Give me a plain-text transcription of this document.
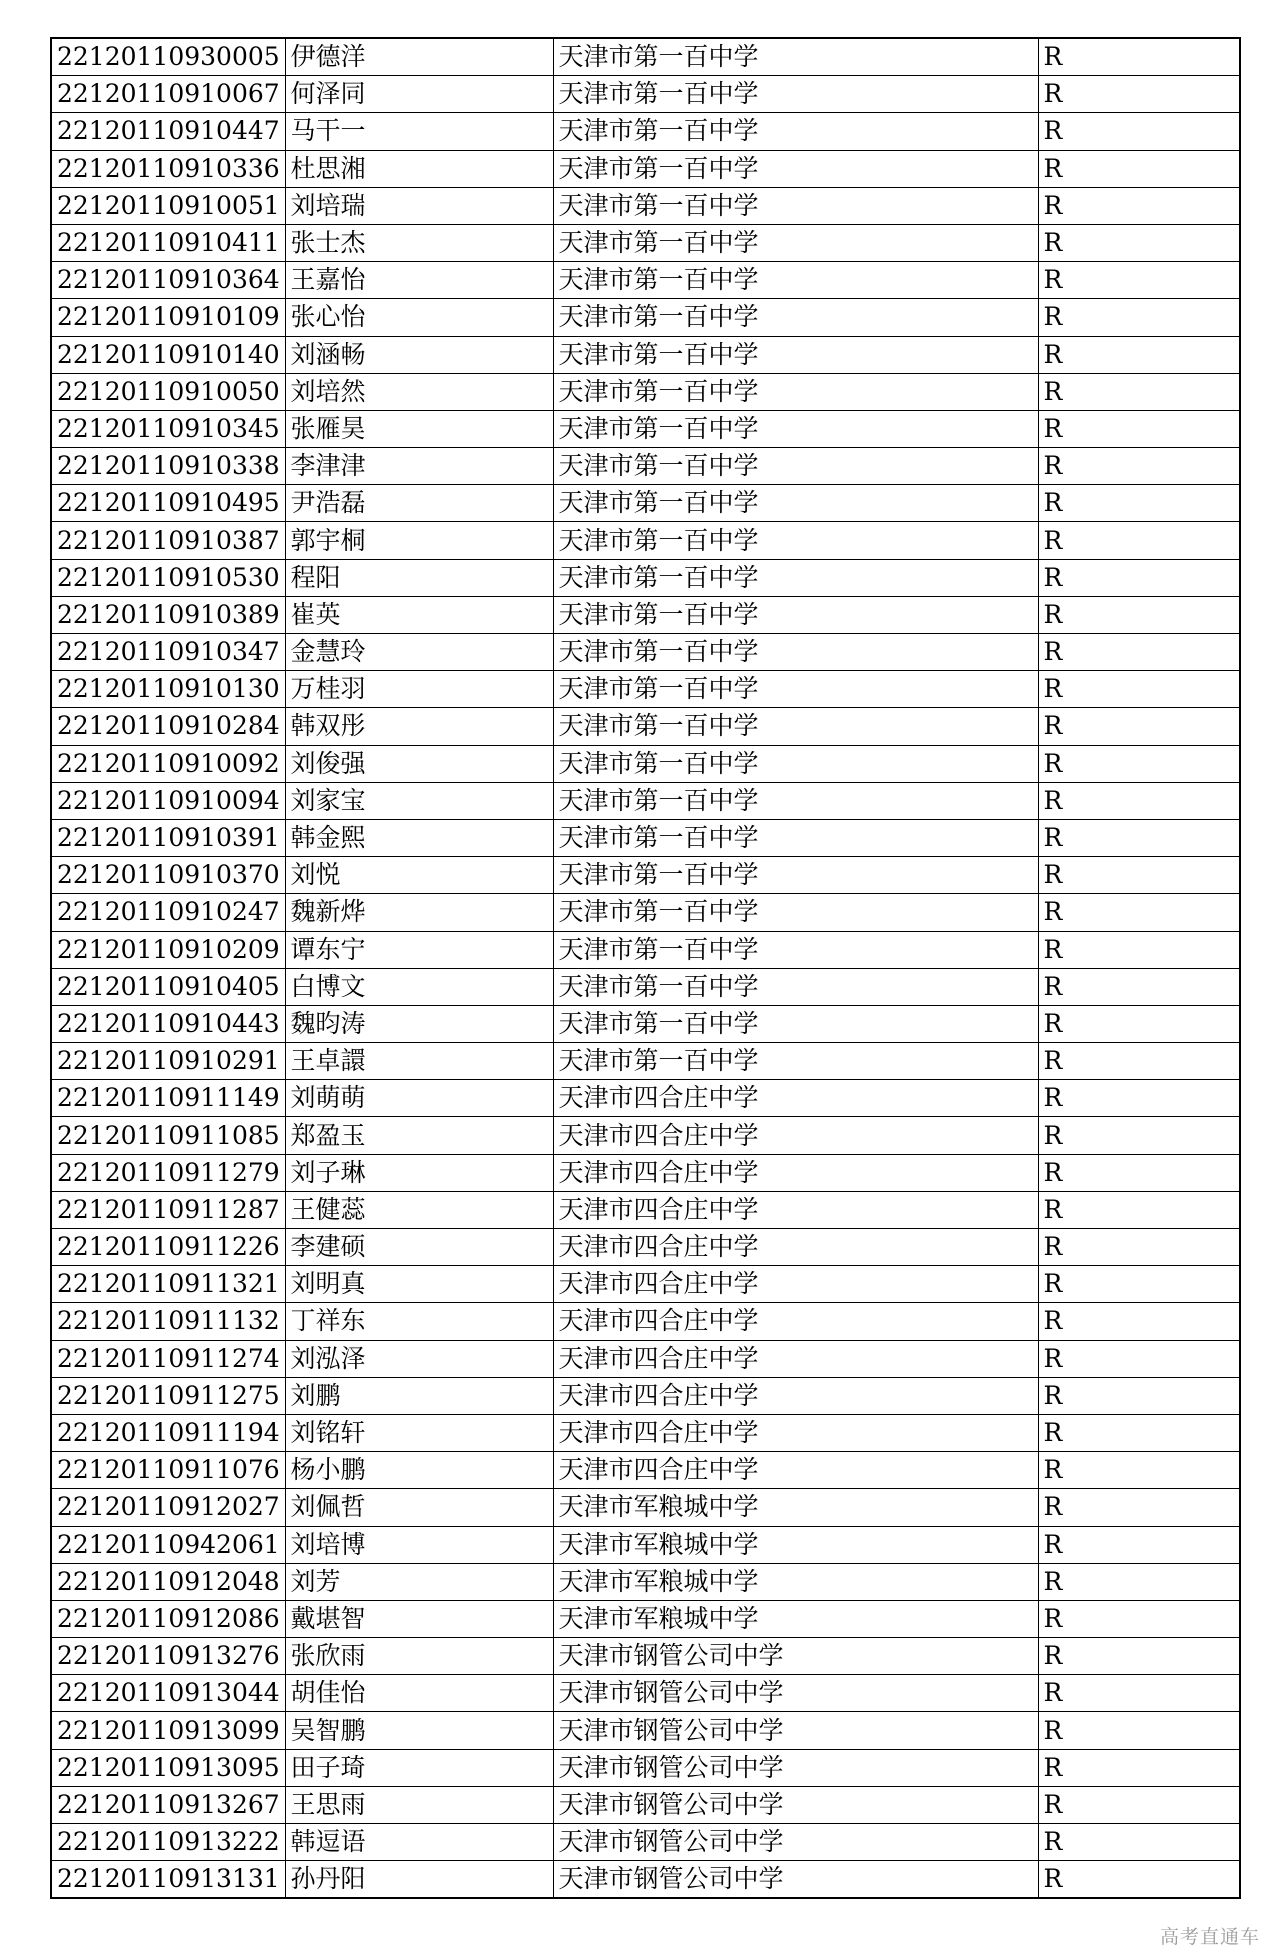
22120110930005	伊德洋	天津市第一百中学	R
22120110910067	何泽同	天津市第一百中学	R
22120110910447	马干一	天津市第一百中学	R
22120110910336	杜思湘	天津市第一百中学	R
22120110910051	刘培瑞	天津市第一百中学	R
22120110910411	张士杰	天津市第一百中学	R
22120110910364	王嘉怡	天津市第一百中学	R
22120110910109	张心怡	天津市第一百中学	R
22120110910140	刘涵畅	天津市第一百中学	R
22120110910050	刘培然	天津市第一百中学	R
22120110910345	张雁昊	天津市第一百中学	R
22120110910338	李津津	天津市第一百中学	R
22120110910495	尹浩磊	天津市第一百中学	R
22120110910387	郭宇桐	天津市第一百中学	R
22120110910530	程阳	天津市第一百中学	R
22120110910389	崔英	天津市第一百中学	R
22120110910347	金慧玲	天津市第一百中学	R
22120110910130	万桂羽	天津市第一百中学	R
22120110910284	韩双彤	天津市第一百中学	R
22120110910092	刘俊强	天津市第一百中学	R
22120110910094	刘家宝	天津市第一百中学	R
22120110910391	韩金熙	天津市第一百中学	R
22120110910370	刘悦	天津市第一百中学	R
22120110910247	魏新烨	天津市第一百中学	R
22120110910209	谭东宁	天津市第一百中学	R
22120110910405	白博文	天津市第一百中学	R
22120110910443	魏昀涛	天津市第一百中学	R
22120110910291	王卓譞	天津市第一百中学	R
22120110911149	刘萌萌	天津市四合庄中学	R
22120110911085	郑盈玉	天津市四合庄中学	R
22120110911279	刘子琳	天津市四合庄中学	R
22120110911287	王健蕊	天津市四合庄中学	R
22120110911226	李建硕	天津市四合庄中学	R
22120110911321	刘明真	天津市四合庄中学	R
22120110911132	丁祥东	天津市四合庄中学	R
22120110911274	刘泓泽	天津市四合庄中学	R
22120110911275	刘鹏	天津市四合庄中学	R
22120110911194	刘铭轩	天津市四合庄中学	R
22120110911076	杨小鹏	天津市四合庄中学	R
22120110912027	刘佩哲	天津市军粮城中学	R
22120110942061	刘培博	天津市军粮城中学	R
22120110912048	刘芳	天津市军粮城中学	R
22120110912086	戴堪智	天津市军粮城中学	R
22120110913276	张欣雨	天津市钢管公司中学	R
22120110913044	胡佳怡	天津市钢管公司中学	R
22120110913099	吴智鹏	天津市钢管公司中学	R
22120110913095	田子琦	天津市钢管公司中学	R
22120110913267	王思雨	天津市钢管公司中学	R
22120110913222	韩逗语	天津市钢管公司中学	R
22120110913131	孙丹阳	天津市钢管公司中学	R
高考直通车
